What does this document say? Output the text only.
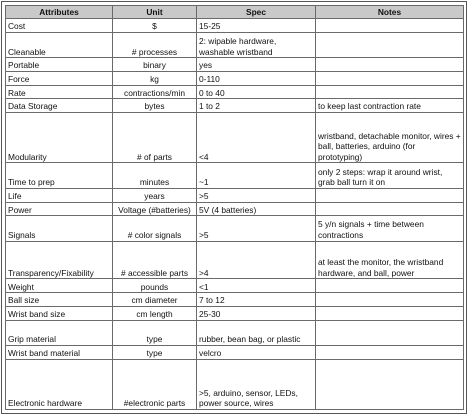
Attributes	Unit	Spec	Notes
Cost	$	15-25	
Cleanable	# processes	2: wipable hardware, washable wristband	
Portable	binary	yes	
Force	kg	0-110	
Rate	contractions/min	0 to 40	
Data Storage	bytes	1 to 2	to keep last contraction rate
Modularity	# of parts	<4	wristband, detachable monitor, wires + ball, batteries, arduino (for prototyping)
Time to prep	minutes	~1	only 2 steps: wrap it around wrist, grab ball turn it on
Life	years	>5	
Power	Voltage (#batteries)	5V (4 batteries)	
Signals	# color signals	>5	5 y/n signals + time between contractions
Transparency/Fixability	# accessible parts	>4	at least the monitor, the wristband hardware, and ball, power
Weight	pounds	<1	
Ball size	cm diameter	7 to 12	
Wrist band size	cm length	25-30	
Grip material	type	rubber, bean bag, or plastic	
Wrist band material	type	velcro	
Electronic hardware	#electronic parts	>5, arduino, sensor, LEDs, power source, wires	
